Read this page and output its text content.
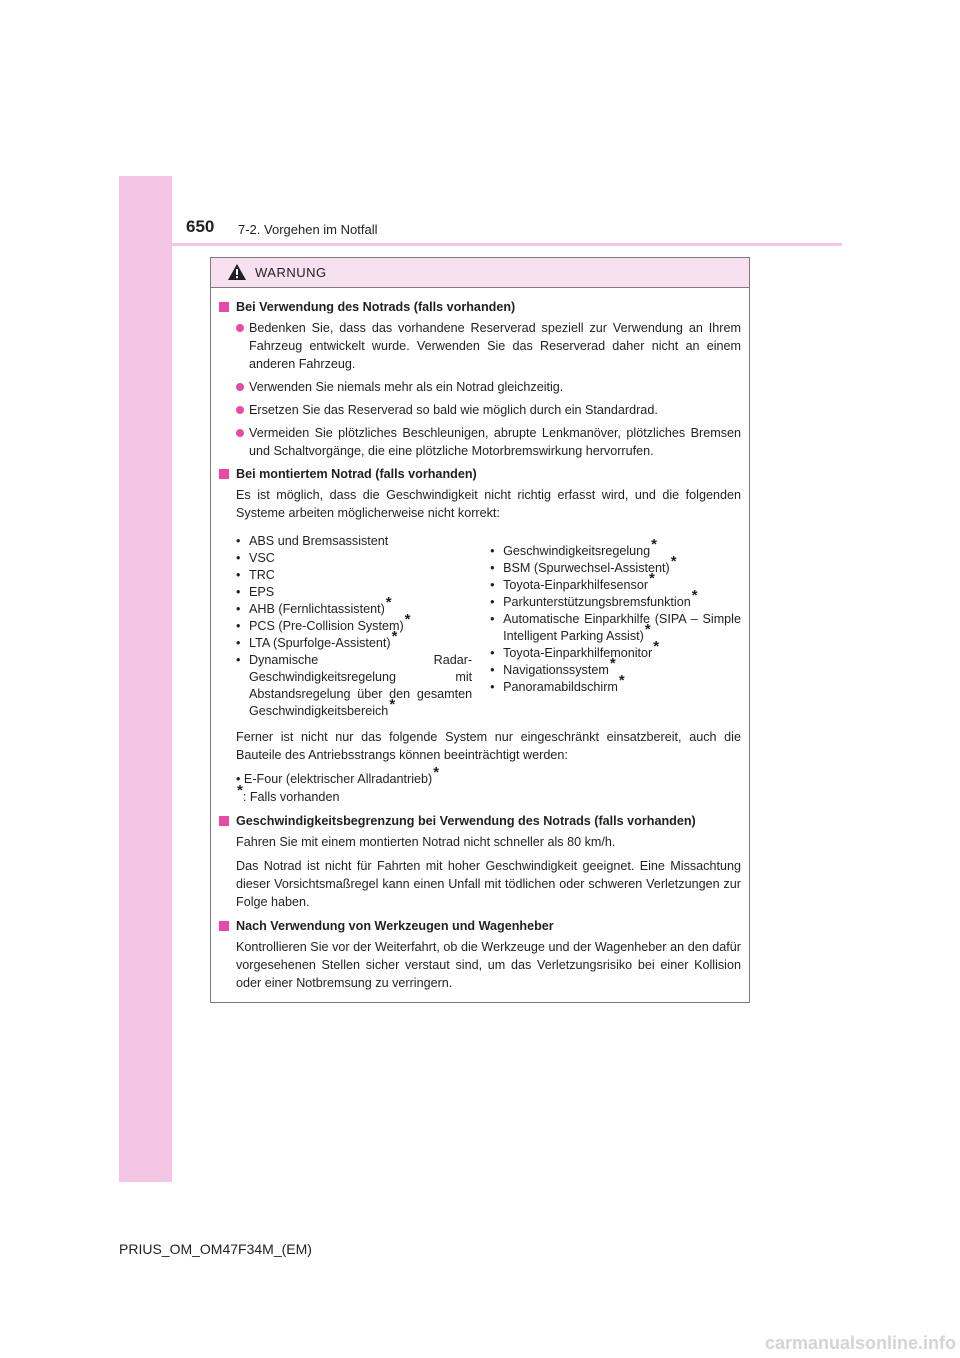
650 7-2. Vorgehen im Notfall
WARNUNG
Bei Verwendung des Notrads (falls vorhanden)
Bedenken Sie, dass das vorhandene Reserverad speziell zur Verwendung an Ihrem Fahrzeug entwickelt wurde. Verwenden Sie das Reserverad daher nicht an einem anderen Fahrzeug.
Verwenden Sie niemals mehr als ein Notrad gleichzeitig.
Ersetzen Sie das Reserverad so bald wie möglich durch ein Standardrad.
Vermeiden Sie plötzliches Beschleunigen, abrupte Lenkmanöver, plötzliches Bremsen und Schaltvorgänge, die eine plötzliche Motorbremswirkung hervorrufen.
Bei montiertem Notrad (falls vorhanden)
Es ist möglich, dass die Geschwindigkeit nicht richtig erfasst wird, und die folgenden Systeme arbeiten möglicherweise nicht korrekt:
• ABS und Bremsassistent
• VSC
• TRC
• EPS
• AHB (Fernlichtassistent)*
• PCS (Pre-Collision System)*
• LTA (Spurfolge-Assistent)*
• Dynamische Radar-Geschwindigkeitsregelung mit Abstandsregelung über den gesamten Geschwindigkeitsbereich*
• Geschwindigkeitsregelung*
• BSM (Spurwechsel-Assistent)*
• Toyota-Einparkhilfesensor*
• Parkunterstützungsbremsfunktion*
• Automatische Einparkhilfe (SIPA – Simple Intelligent Parking Assist)*
• Toyota-Einparkhilfemonitor*
• Navigationssystem*
• Panoramabildschirm*
Ferner ist nicht nur das folgende System nur eingeschränkt einsatzbereit, auch die Bauteile des Antriebsstrangs können beeinträchtigt werden:
• E-Four (elektrischer Allradantrieb)*
*: Falls vorhanden
Geschwindigkeitsbegrenzung bei Verwendung des Notrads (falls vorhanden)
Fahren Sie mit einem montierten Notrad nicht schneller als 80 km/h.
Das Notrad ist nicht für Fahrten mit hoher Geschwindigkeit geeignet. Eine Missachtung dieser Vorsichtsmaßregel kann einen Unfall mit tödlichen oder schweren Verletzungen zur Folge haben.
Nach Verwendung von Werkzeugen und Wagenheber
Kontrollieren Sie vor der Weiterfahrt, ob die Werkzeuge und der Wagenheber an den dafür vorgesehenen Stellen sicher verstaut sind, um das Verletzungsrisiko bei einer Kollision oder einer Notbremsung zu verringern.
PRIUS_OM_OM47F34M_(EM)
carmanualsonline.info
